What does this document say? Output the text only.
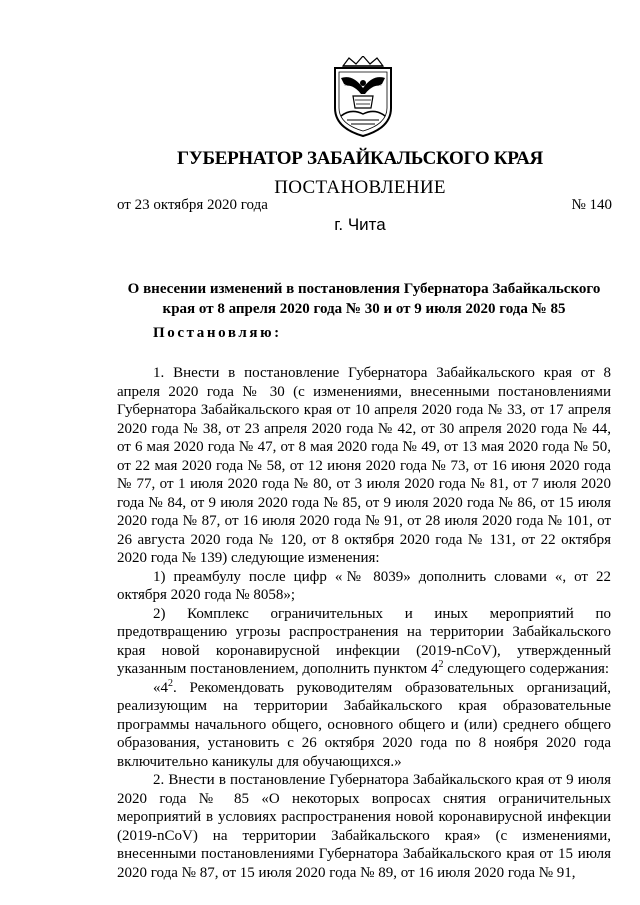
ГУБЕРНАТОР ЗАБАЙКАЛЬСКОГО КРАЯ
ПОСТАНОВЛЕНИЕ
от 23 октября 2020 года	№ 140
г. Чита
О внесении изменений в постановления Губернатора Забайкальского края от 8 апреля 2020 года № 30 и от 9 июля 2020 года № 85
Постановляю:

1. Внести в постановление Губернатора Забайкальского края от 8 апреля 2020 года № 30 (с изменениями, внесенными постановлениями Губернатора Забайкальского края от 10 апреля 2020 года № 33, от 17 апреля 2020 года № 38, от 23 апреля 2020 года № 42, от 30 апреля 2020 года № 44, от 6 мая 2020 года № 47, от 8 мая 2020 года № 49, от 13 мая 2020 года № 50, от 22 мая 2020 года № 58, от 12 июня 2020 года № 73, от 16 июня 2020 года № 77, от 1 июля 2020 года № 80, от 3 июля 2020 года № 81, от 7 июля 2020 года № 84, от 9 июля 2020 года № 85, от 9 июля 2020 года № 86, от 15 июля 2020 года № 87, от 16 июля 2020 года № 91, от 28 июля 2020 года № 101, от 26 августа 2020 года № 120, от 8 октября 2020 года № 131, от 22 октября 2020 года № 139) следующие изменения:

1) преамбулу после цифр «№ 8039» дополнить словами «, от 22 октября 2020 года № 8058»;

2) Комплекс ограничительных и иных мероприятий по предотвращению угрозы распространения на территории Забайкальского края новой коронавирусной инфекции (2019-nCoV), утвержденный указанным постановлением, дополнить пунктом $4^2$ следующего содержания:

«$4^2$. Рекомендовать руководителям образовательных организаций, реализующим на территории Забайкальского края образовательные программы начального общего, основного общего и (или) среднего общего образования, установить с 26 октября 2020 года по 8 ноября 2020 года включительно каникулы для обучающихся.»

2. Внести в постановление Губернатора Забайкальского края от 9 июля 2020 года № 85 «О некоторых вопросах снятия ограничительных мероприятий в условиях распространения новой коронавирусной инфекции (2019-nCoV) на территории Забайкальского края» (с изменениями, внесенными постановлениями Губернатора Забайкальского края от 15 июля 2020 года № 87, от 15 июля 2020 года № 89, от 16 июля 2020 года № 91,
